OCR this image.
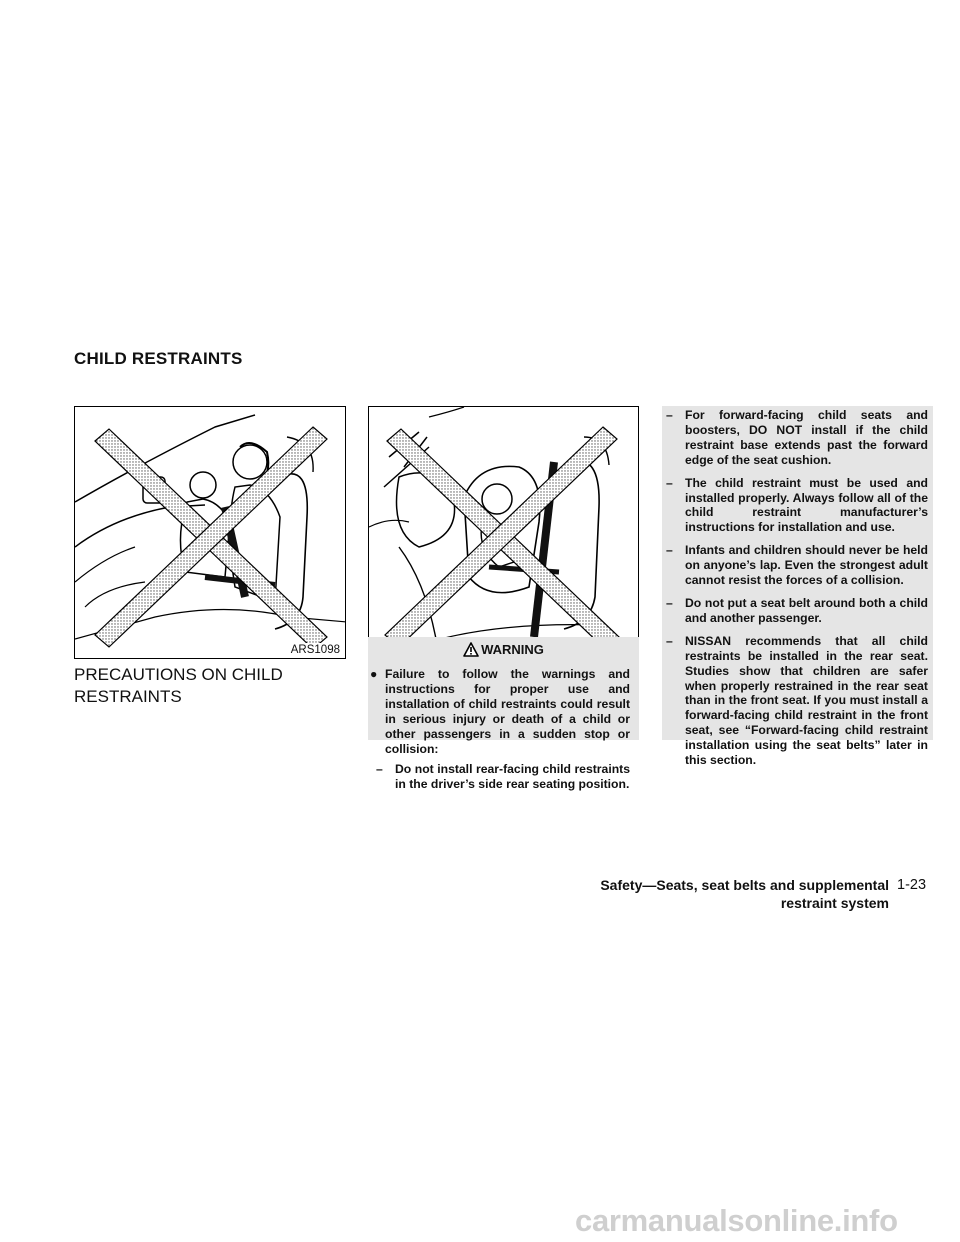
CHILD RESTRAINTS
ARS1098
PRECAUTIONS ON CHILD RESTRAINTS
WARNING
● Failure to follow the warnings and instructions for proper use and installation of child restraints could result in serious injury or death of a child or other passengers in a sudden stop or collision:
–	Do not install rear-facing child restraints in the driver’s side rear seating position.
–	For forward-facing child seats and boosters, DO NOT install if the child restraint base extends past the forward edge of the seat cushion.
–	The child restraint must be used and installed properly. Always follow all of the child restraint manufacturer’s instructions for installation and use.
–	Infants and children should never be held on anyone’s lap. Even the strongest adult cannot resist the forces of a collision.
–	Do not put a seat belt around both a child and another passenger.
–	NISSAN recommends that all child restraints be installed in the rear seat. Studies show that children are safer when properly restrained in the rear seat than in the front seat. If you must install a forward-facing child restraint in the front seat, see “Forward-facing child restraint installation using the seat belts” later in this section.
Safety—Seats, seat belts and supplemental restraint system
1-23
carmanualsonline.info
